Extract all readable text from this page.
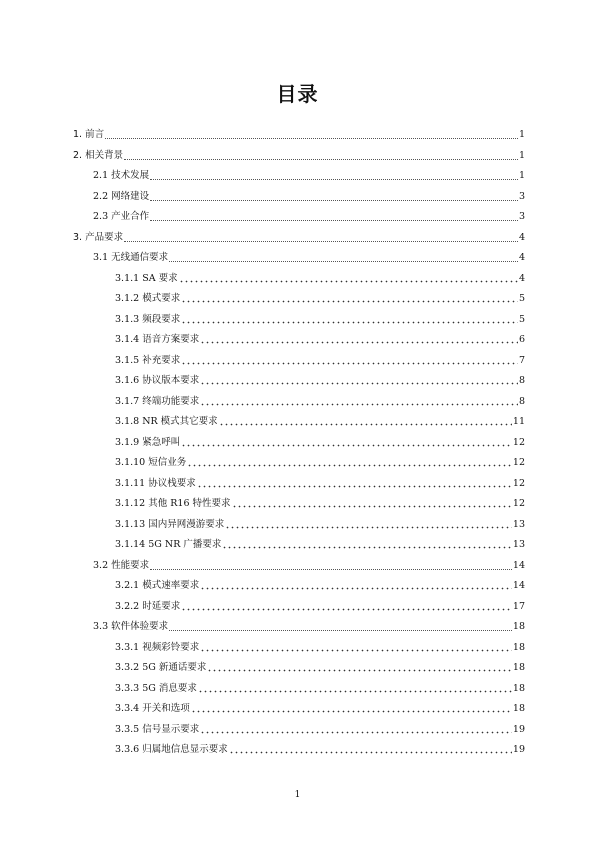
目录
1. 前言	1
2. 相关背景	1
2.1 技术发展	1
2.2 网络建设	3
2.3 产业合作	3
3. 产品要求	4
3.1 无线通信要求	4
3.1.1 SA 要求	4
3.1.2 模式要求	5
3.1.3 频段要求	5
3.1.4 语音方案要求	6
3.1.5 补充要求	7
3.1.6 协议版本要求	8
3.1.7 终端功能要求	8
3.1.8 NR 模式其它要求	11
3.1.9 紧急呼叫	12
3.1.10 短信业务	12
3.1.11 协议栈要求	12
3.1.12 其他 R16 特性要求	12
3.1.13 国内异网漫游要求	13
3.1.14 5G NR 广播要求	13
3.2 性能要求	14
3.2.1 模式速率要求	14
3.2.2 时延要求	17
3.3 软件体验要求	18
3.3.1 视频彩铃要求	18
3.3.2 5G 新通话要求	18
3.3.3 5G 消息要求	18
3.3.4 开关和选项	18
3.3.5 信号显示要求	19
3.3.6 归属地信息显示要求	19
1
